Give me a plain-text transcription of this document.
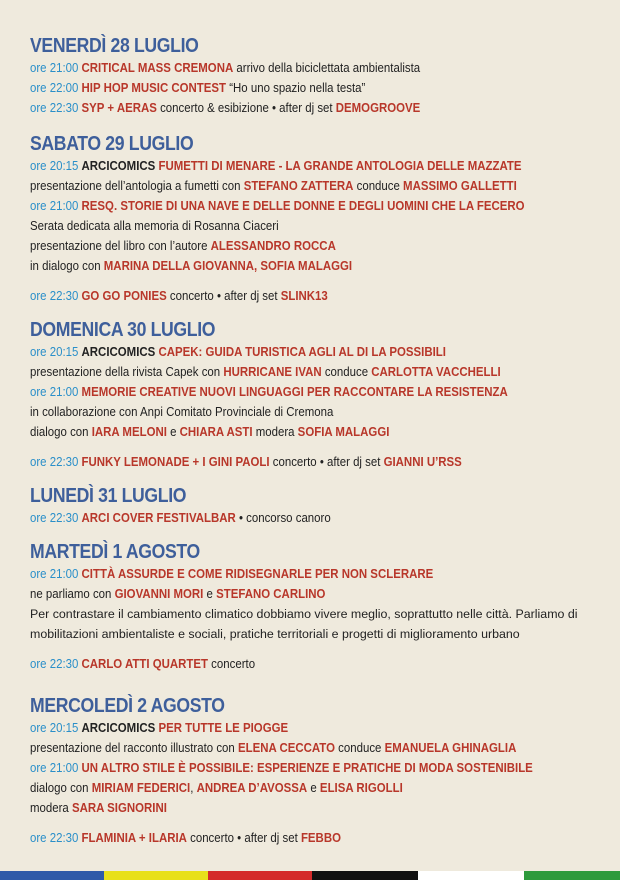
VENERDÌ 28 LUGLIO
ore 21:00 CRITICAL MASS CREMONA arrivo della biciclettata ambientalista
ore 22:00 HIP HOP MUSIC CONTEST “Ho uno spazio nella testa”
ore 22:30 SYP + AERAS concerto & esibizione • after dj set DEMOGROOVE
SABATO 29 LUGLIO
ore 20:15 ARCICOMICS FUMETTI DI MENARE - LA GRANDE ANTOLOGIA DELLE MAZZATE
presentazione dell’antologia a fumetti con STEFANO ZATTERA conduce MASSIMO GALLETTI
ore 21:00 RESQ. STORIE DI UNA NAVE E DELLE DONNE E DEGLI UOMINI CHE LA FECERO
Serata dedicata alla memoria di Rosanna Ciaceri
presentazione del libro con l’autore ALESSANDRO ROCCA
in dialogo con MARINA DELLA GIOVANNA, SOFIA MALAGGI
ore 22:30 GO GO PONIES concerto • after dj set SLINK13
DOMENICA 30 LUGLIO
ore 20:15 ARCICOMICS CAPEK: GUIDA TURISTICA AGLI AL DI LA POSSIBILI
presentazione della rivista Capek con HURRICANE IVAN conduce CARLOTTA VACCHELLI
ore 21:00 MEMORIE CREATIVE NUOVI LINGUAGGI PER RACCONTARE LA RESISTENZA
in collaborazione con Anpi Comitato Provinciale di Cremona
dialogo con IARA MELONI e CHIARA ASTI modera SOFIA MALAGGI
ore 22:30 FUNKY LEMONADE + I GINI PAOLI concerto • after dj set GIANNI U’RSS
LUNEDÌ 31 LUGLIO
ore 22:30 ARCI COVER FESTIVALBAR • concorso canoro
MARTEDÌ 1 AGOSTO
ore 21:00 CITTÀ ASSURDE E COME RIDISEGNARLE PER NON SCLERARE
ne parliamo con GIOVANNI MORI e STEFANO CARLINO
Per contrastare il cambiamento climatico dobbiamo vivere meglio, soprattutto nelle città. Parliamo di mobilitazioni ambientaliste e sociali, pratiche territoriali e progetti di miglioramento urbano
ore 22:30 CARLO ATTI QUARTET concerto
MERCOLEDÌ 2 AGOSTO
ore 20:15 ARCICOMICS PER TUTTE LE PIOGGE
presentazione del racconto illustrato con ELENA CECCATO conduce EMANUELA GHINAGLIA
ore 21:00 UN ALTRO STILE È POSSIBILE: ESPERIENZE E PRATICHE DI MODA SOSTENIBILE
dialogo con MIRIAM FEDERICI, ANDREA D’AVOSSA e ELISA RIGOLLI
modera SARA SIGNORINI
ore 22:30 FLAMINIA + ILARIA concerto • after dj set FEBBO
